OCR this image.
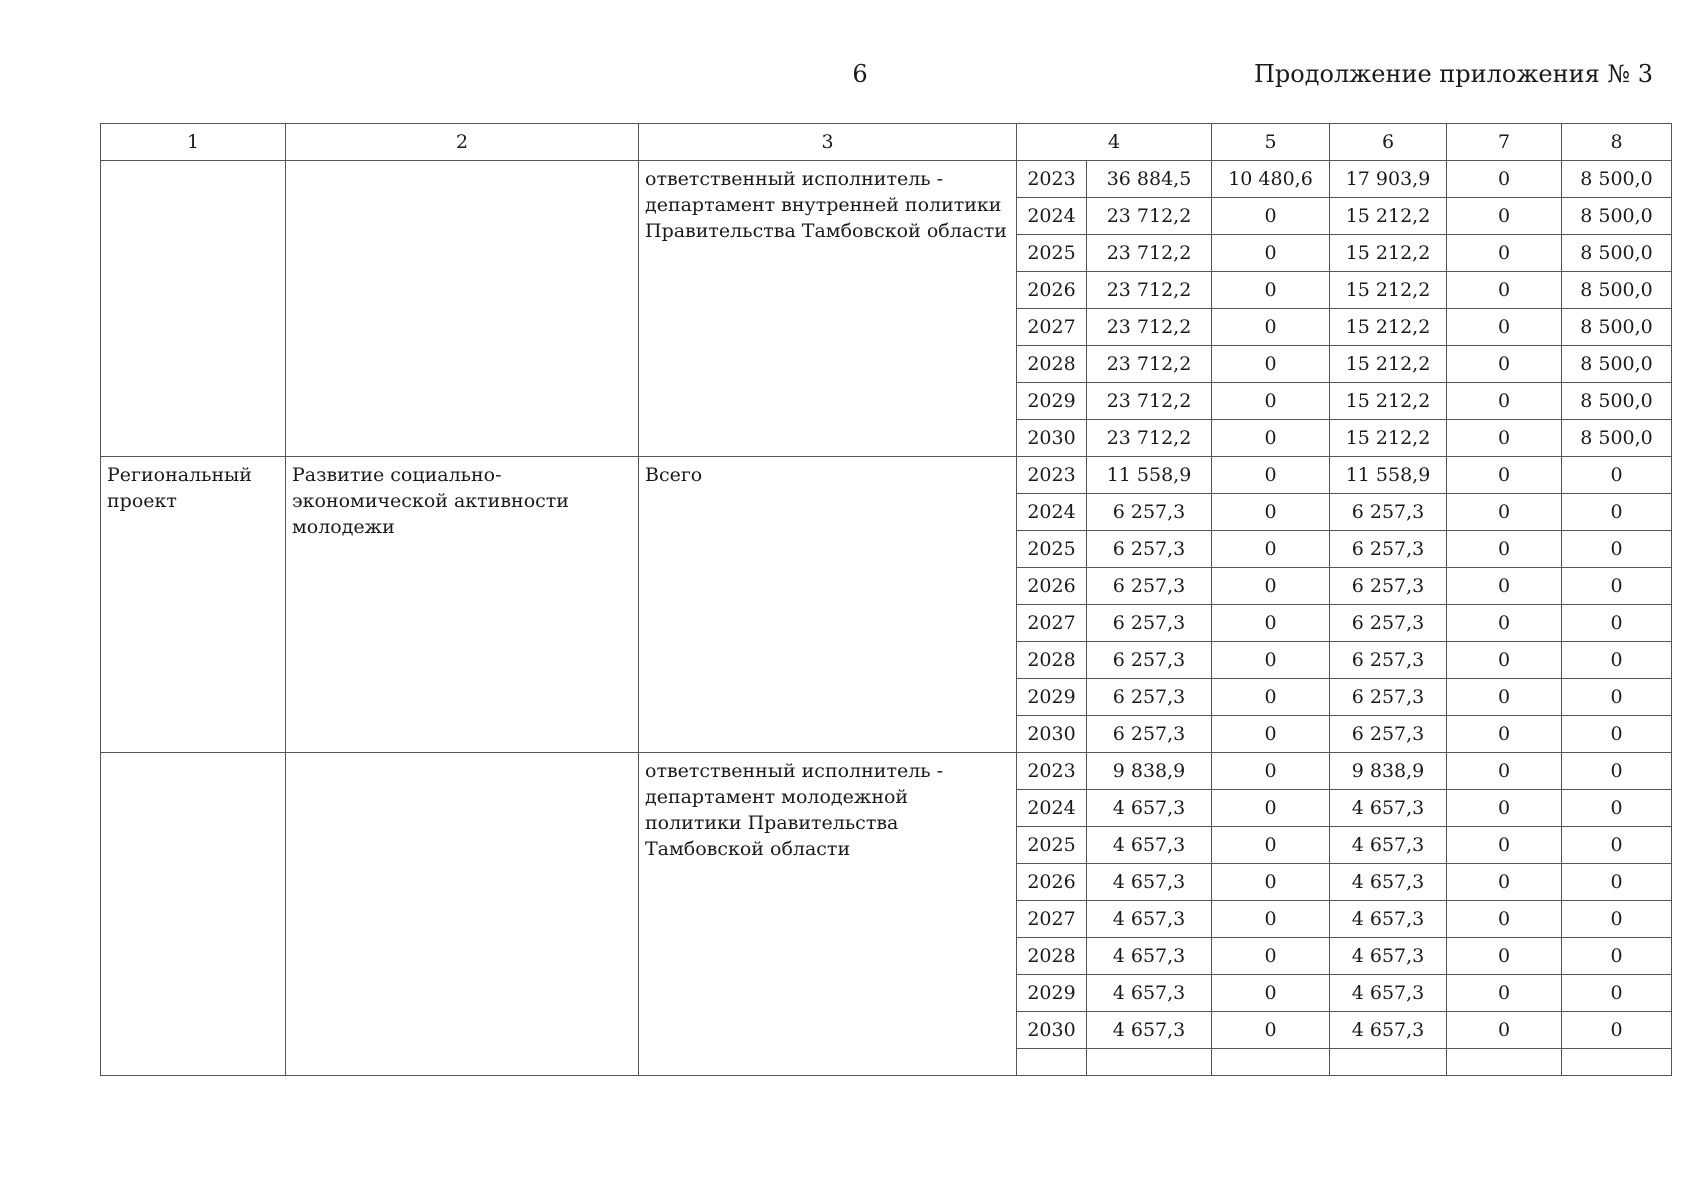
6	Продолжение приложения № 3
1	2	3	4		5	6	7	8
		ответственный исполнитель - департамент внутренней политики Правительства Тамбовской области	2023	36 884,5	10 480,6	17 903,9	0	8 500,0
			2024	23 712,2	0	15 212,2	0	8 500,0
			2025	23 712,2	0	15 212,2	0	8 500,0
			2026	23 712,2	0	15 212,2	0	8 500,0
			2027	23 712,2	0	15 212,2	0	8 500,0
			2028	23 712,2	0	15 212,2	0	8 500,0
			2029	23 712,2	0	15 212,2	0	8 500,0
			2030	23 712,2	0	15 212,2	0	8 500,0
Региональный проект	Развитие социально-экономической активности молодежи	Всего	2023	11 558,9	0	11 558,9	0	0
			2024	6 257,3	0	6 257,3	0	0
			2025	6 257,3	0	6 257,3	0	0
			2026	6 257,3	0	6 257,3	0	0
			2027	6 257,3	0	6 257,3	0	0
			2028	6 257,3	0	6 257,3	0	0
			2029	6 257,3	0	6 257,3	0	0
			2030	6 257,3	0	6 257,3	0	0
		ответственный исполнитель - департамент молодежной политики Правительства Тамбовской области	2023	9 838,9	0	9 838,9	0	0
			2024	4 657,3	0	4 657,3	0	0
			2025	4 657,3	0	4 657,3	0	0
			2026	4 657,3	0	4 657,3	0	0
			2027	4 657,3	0	4 657,3	0	0
			2028	4 657,3	0	4 657,3	0	0
			2029	4 657,3	0	4 657,3	0	0
			2030	4 657,3	0	4 657,3	0	0
